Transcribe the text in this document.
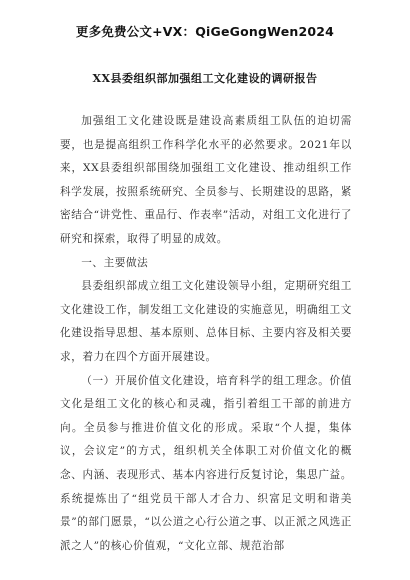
更多免费公文+VX：QiGeGongWen2024
XX县委组织部加强组工文化建设的调研报告

加强组工文化建设既是建设高素质组工队伍的迫切需要，也是提高组织工作科学化水平的必然要求。2021年以来，XX县委组织部围绕加强组工文化建设、推动组织工作科学发展，按照系统研究、全员参与、长期建设的思路，紧密结合“讲党性、重品行、作表率”活动，对组工文化进行了研究和探索，取得了明显的成效。

一、主要做法

县委组织部成立组工文化建设领导小组，定期研究组工文化建设工作，制发组工文化建设的实施意见，明确组工文化建设指导思想、基本原则、总体目标、主要内容及相关要求，着力在四个方面开展建设。

（一）开展价值文化建设，培育科学的组工理念。价值文化是组工文化的核心和灵魂，指引着组工干部的前进方向。全员参与推进价值文化的形成。采取“个人提，集体议，会议定”的方式，组织机关全体职工对价值文化的概念、内涵、表现形式、基本内容进行反复讨论，集思广益。系统提炼出了“组党员干部人才合力、织富足文明和谐美景”的部门愿景，“以公道之心行公道之事、以正派之风选正派之人”的核心价值观，“文化立部、规范治部
